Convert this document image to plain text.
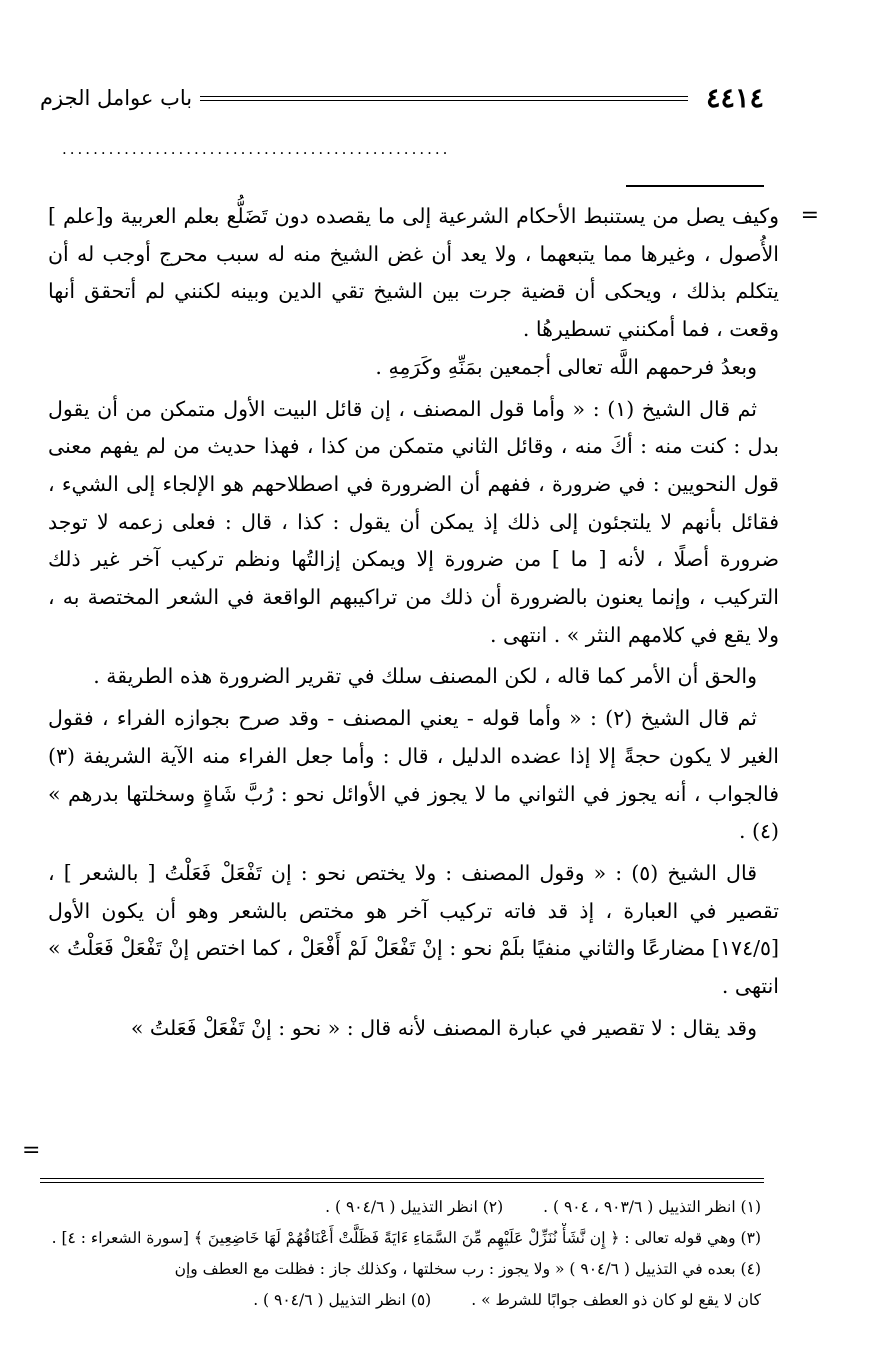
٤٤١٤
باب عوامل الجزم
..................................................
=

وكيف يصل من يستنبط الأحكام الشرعية إلى ما يقصده دون تَضَلُّع بعلم العربية و[علم ] الأُصول ، وغيرها مما يتبعهما ، ولا يعد أن غض الشيخ منه له سبب محرج أوجب له أن يتكلم بذلك ، ويحكى أن قضية جرت بين الشيخ تقي الدين وبينه لكنني لم أتحقق أنها وقعت ، فما أمكنني تسطيرهُا .

وبعدُ فرحمهم اللَّه تعالى أجمعين بمَنِّهِ وكَرَمِهِ .

ثم قال الشيخ (١) : « وأما قول المصنف ، إن قائل البيت الأول متمكن من أن يقول بدل : كنت منه : أكَ منه ، وقائل الثاني متمكن من كذا ، فهذا حديث من لم يفهم معنى قول النحويين : في ضرورة ، ففهم أن الضرورة في اصطلاحهم هو الإلجاء إلى الشيء ، فقائل بأنهم لا يلتجئون إلى ذلك إذ يمكن أن يقول : كذا ، قال : فعلى زعمه لا توجد ضرورة أصلًا ، لأنه [ ما ] من ضرورة إلا ويمكن إزالتُها ونظم تركيب آخر غير ذلك التركيب ، وإنما يعنون بالضرورة أن ذلك من تراكيبهم الواقعة في الشعر المختصة به ، ولا يقع في كلامهم النثر » . انتهى .

والحق أن الأمر كما قاله ، لكن المصنف سلك في تقرير الضرورة هذه الطريقة .

ثم قال الشيخ (٢) : « وأما قوله - يعني المصنف - وقد صرح بجوازه الفراء ، فقول الغير لا يكون حجةً إلا إذا عضده الدليل ، قال : وأما جعل الفراء منه الآية الشريفة (٣) فالجواب ، أنه يجوز في الثواني ما لا يجوز في الأوائل نحو : رُبَّ شَاةٍ وسخلتها بدرهم » (٤) .

قال الشيخ (٥) : « وقول المصنف : ولا يختص نحو : إن تَفْعَلْ فَعَلْتُ [ بالشعر ] ، تقصير في العبارة ، إذ قد فاته تركيب آخر هو مختص بالشعر وهو أن يكون الأول [١٧٤/٥] مضارعًا والثاني منفيًا بلَمْ نحو : إنْ تَفْعَلْ لَمْ أَفْعَلْ ، كما اختص إنْ تَفْعَلْ فَعَلْتُ » انتهى .

وقد يقال : لا تقصير في عبارة المصنف لأنه قال : « نحو : إنْ تَفْعَلْ فَعَلتُ »

=

(١) انظر التذييل ( ٩٠٣/٦ ، ٩٠٤ ) .
(٢) انظر التذييل ( ٩٠٤/٦ ) .

(٣) وهي قوله تعالى : ﴿ إِن نَّشَأْ نُنَزِّلْ عَلَيْهِم مِّنَ السَّمَاءِ ءَايَةً فَظَلَّتْ أَعْنَاقُهُمْ لَهَا خَاضِعِينَ ﴾ [سورة الشعراء : ٤] .

(٤) بعده في التذييل ( ٩٠٤/٦ ) « ولا يجوز : رب سخلتها ، وكذلك جاز : فظلت مع العطف وإن

كان لا يقع لو كان ذو العطف جوابًا للشرط » .
(٥) انظر التذييل ( ٩٠٤/٦ ) .
